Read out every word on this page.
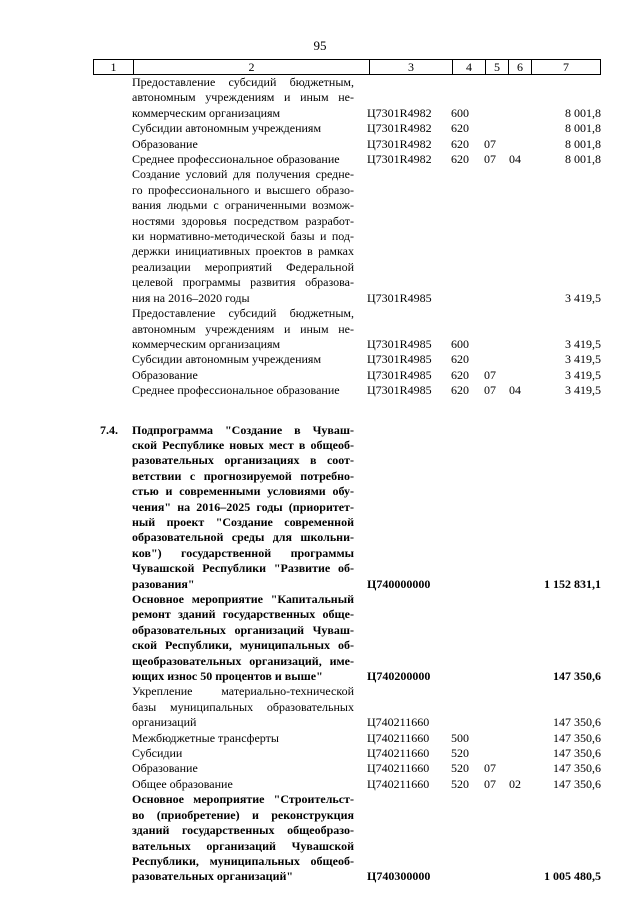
95
1	2	3	4	5	6	7
Предоставление субсидий бюджетным,
автономным учреждениям и иным не-
коммерческим организациям	Ц7301R4982 600	8 001,8
Субсидии автономным учреждениям	Ц7301R4982 620	8 001,8
Образование	Ц7301R4982 620 07	8 001,8
Среднее профессиональное образование	Ц7301R4982 620 07 04	8 001,8
Создание условий для получения средне-
го профессионального и высшего образо-
вания людьми с ограниченными возмож-
ностями здоровья посредством разработ-
ки нормативно-методической базы и под-
держки инициативных проектов в рамках
реализации мероприятий Федеральной
целевой программы развития образова-
ния на 2016–2020 годы	Ц7301R4985	3 419,5
Предоставление субсидий бюджетным,
автономным учреждениям и иным не-
коммерческим организациям	Ц7301R4985 600	3 419,5
Субсидии автономным учреждениям	Ц7301R4985 620	3 419,5
Образование	Ц7301R4985 620 07	3 419,5
Среднее профессиональное образование	Ц7301R4985 620 07 04	3 419,5
7.4. Подпрограмма "Создание в Чуваш-
ской Республике новых мест в общеоб-
разовательных организациях в соот-
ветствии с прогнозируемой потребно-
стью и современными условиями обу-
чения" на 2016–2025 годы (приоритет-
ный проект "Создание современной
образовательной среды для школьни-
ков") государственной программы
Чувашской Республики "Развитие об-
разования"	Ц740000000	1 152 831,1
Основное мероприятие "Капитальный
ремонт зданий государственных обще-
образовательных организаций Чуваш-
ской Республики, муниципальных об-
щеобразовательных организаций, име-
ющих износ 50 процентов и выше"	Ц740200000	147 350,6
Укрепление материально-технической
базы муниципальных образовательных
организаций	Ц740211660	147 350,6
Межбюджетные трансферты	Ц740211660 500	147 350,6
Субсидии	Ц740211660 520	147 350,6
Образование	Ц740211660 520 07	147 350,6
Общее образование	Ц740211660 520 07 02	147 350,6
Основное мероприятие "Строительст-
во (приобретение) и реконструкция
зданий государственных общеобразо-
вательных организаций Чувашской
Республики, муниципальных общеоб-
разовательных организаций"	Ц740300000	1 005 480,5
